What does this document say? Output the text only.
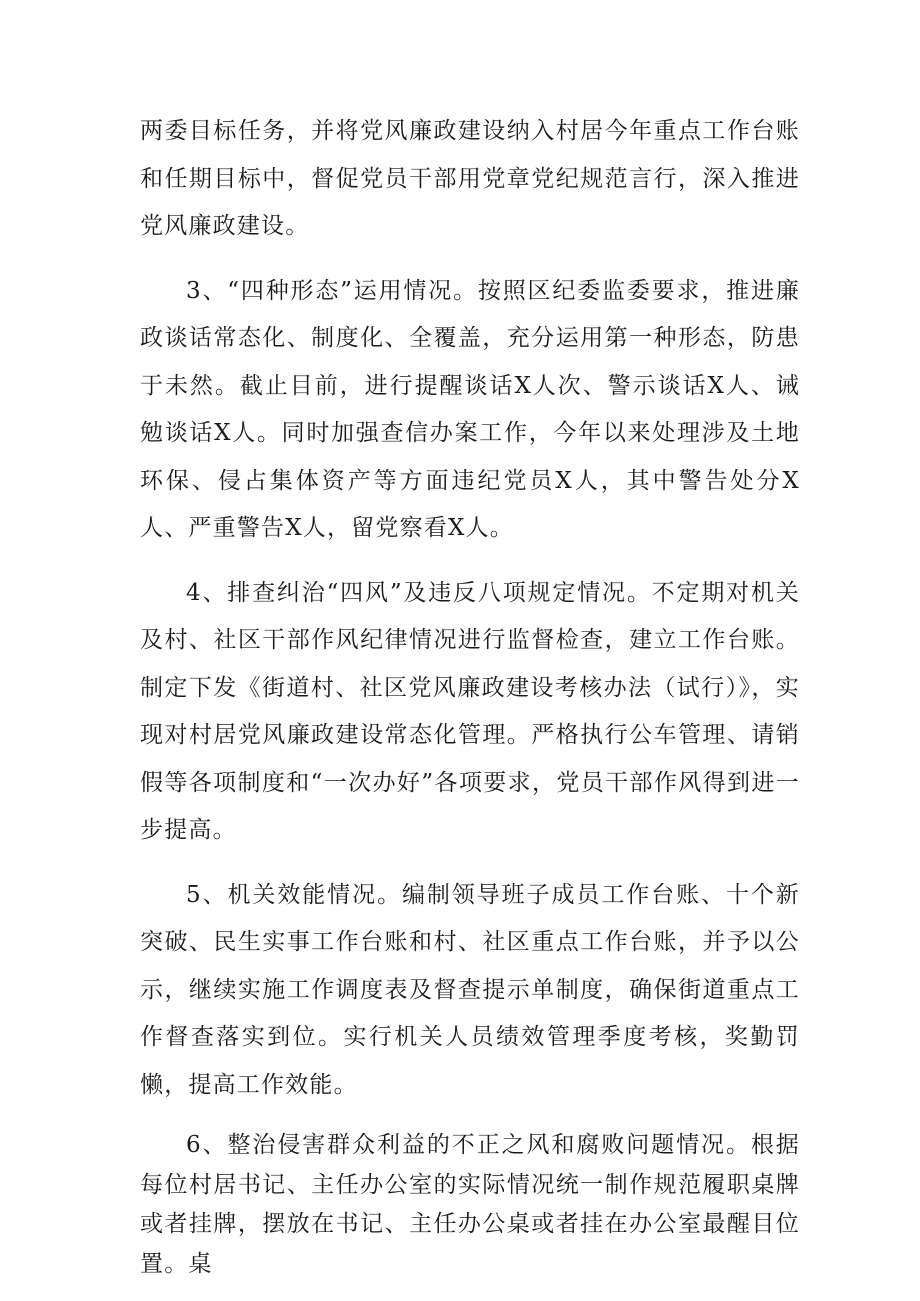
两委目标任务，并将党风廉政建设纳入村居今年重点工作台账和任期目标中，督促党员干部用党章党纪规范言行，深入推进党风廉政建设。

3、“四种形态”运用情况。按照区纪委监委要求，推进廉政谈话常态化、制度化、全覆盖，充分运用第一种形态，防患于未然。截止目前，进行提醒谈话X人次、警示谈话X人、诫勉谈话X人。同时加强查信办案工作，今年以来处理涉及土地环保、侵占集体资产等方面违纪党员X人，其中警告处分X人、严重警告X人，留党察看X人。

4、排查纠治“四风”及违反八项规定情况。不定期对机关及村、社区干部作风纪律情况进行监督检查，建立工作台账。制定下发《街道村、社区党风廉政建设考核办法（试行）》，实现对村居党风廉政建设常态化管理。严格执行公车管理、请销假等各项制度和“一次办好”各项要求，党员干部作风得到进一步提高。

5、机关效能情况。编制领导班子成员工作台账、十个新突破、民生实事工作台账和村、社区重点工作台账，并予以公示，继续实施工作调度表及督查提示单制度，确保街道重点工作督查落实到位。实行机关人员绩效管理季度考核，奖勤罚懒，提高工作效能。

6、整治侵害群众利益的不正之风和腐败问题情况。根据每位村居书记、主任办公室的实际情况统一制作规范履职桌牌或者挂牌，摆放在书记、主任办公桌或者挂在办公室最醒目位置。桌
